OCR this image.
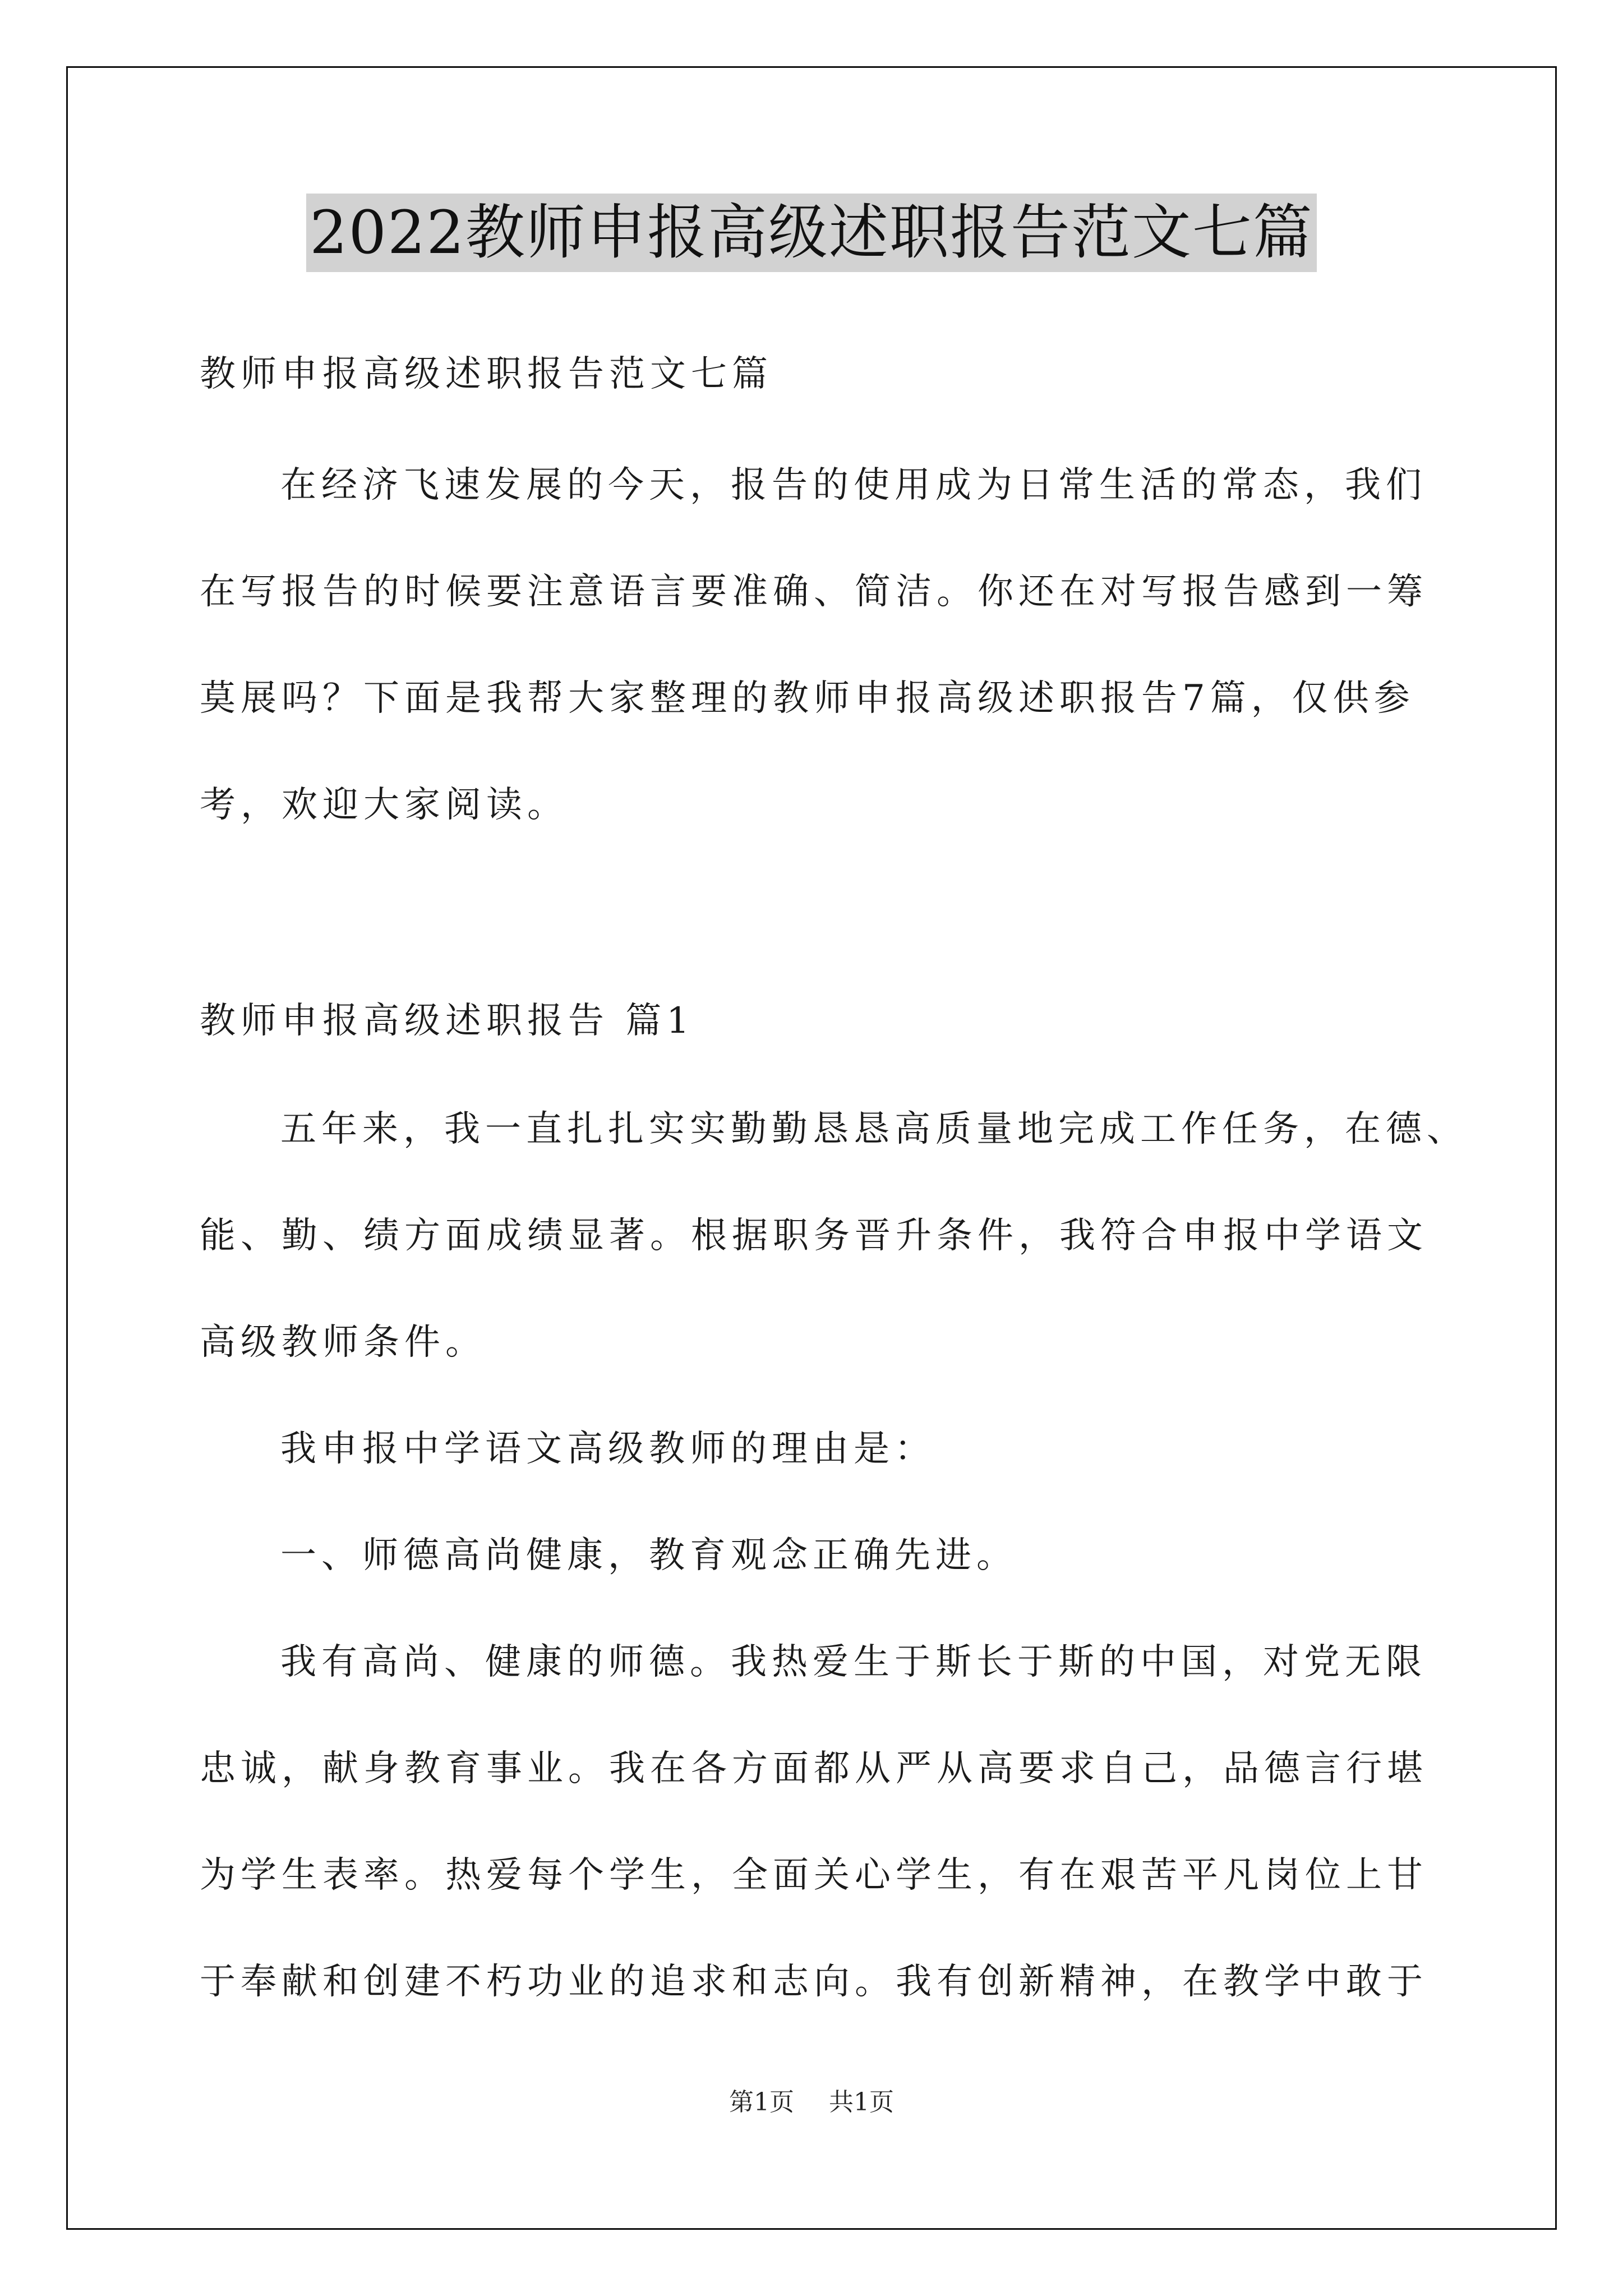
2022教师申报高级述职报告范文七篇
教师申报高级述职报告范文七篇
在经济飞速发展的今天，报告的使用成为日常生活的常态，我们
在写报告的时候要注意语言要准确、简洁。你还在对写报告感到一筹
莫展吗？下面是我帮大家整理的教师申报高级述职报告7篇，仅供参
考，欢迎大家阅读。
教师申报高级述职报告 篇1
五年来，我一直扎扎实实勤勤恳恳高质量地完成工作任务，在德、
能、勤、绩方面成绩显著。根据职务晋升条件，我符合申报中学语文
高级教师条件。
我申报中学语文高级教师的理由是：
一、师德高尚健康，教育观念正确先进。
我有高尚、健康的师德。我热爱生于斯长于斯的中国，对党无限
忠诚，献身教育事业。我在各方面都从严从高要求自己，品德言行堪
为学生表率。热爱每个学生，全面关心学生，有在艰苦平凡岗位上甘
于奉献和创建不朽功业的追求和志向。我有创新精神，在教学中敢于
第1页 共1页
